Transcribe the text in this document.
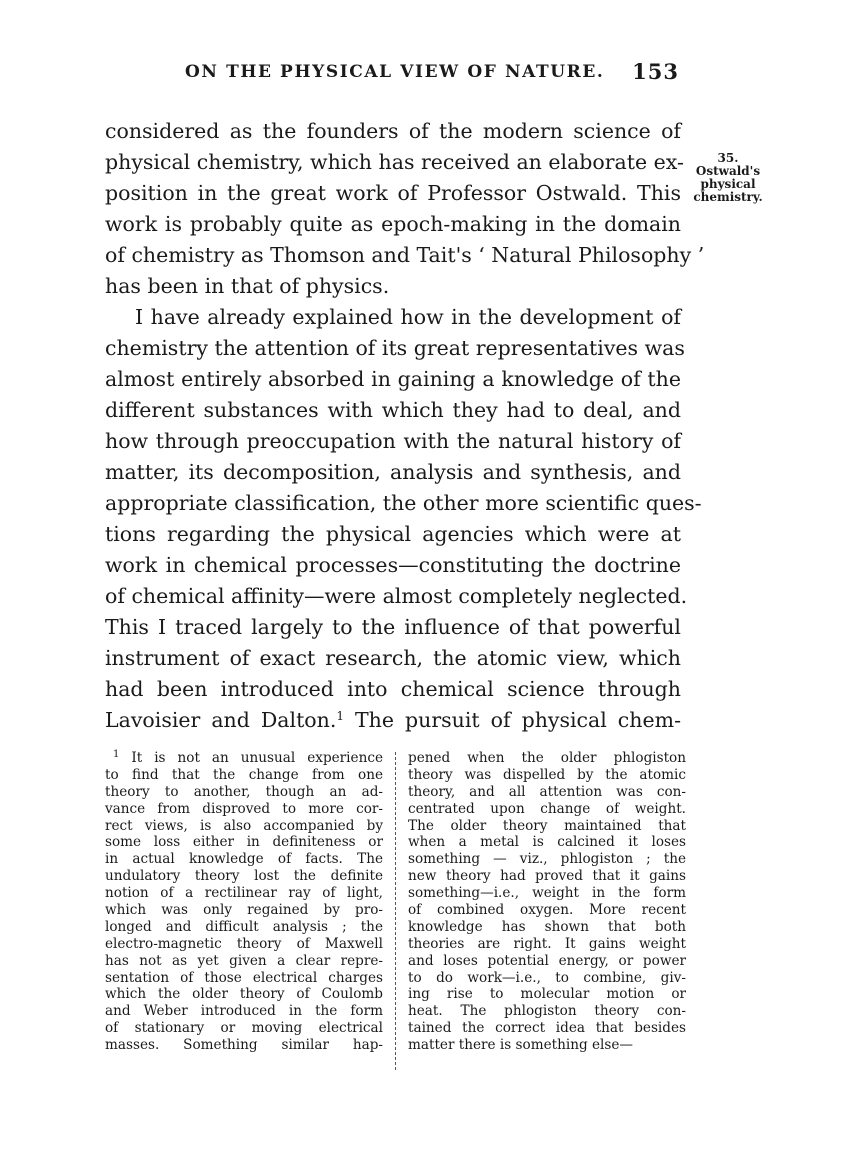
ON THE PHYSICAL VIEW OF NATURE. 153
35.
Ostwald's
physical
chemistry.
considered as the founders of the modern science of
physical chemistry, which has received an elaborate ex-
position in the great work of Professor Ostwald. This
work is probably quite as epoch-making in the domain
of chemistry as Thomson and Tait's ‘ Natural Philosophy ’
has been in that of physics.
I have already explained how in the development of
chemistry the attention of its great representatives was
almost entirely absorbed in gaining a knowledge of the
different substances with which they had to deal, and
how through preoccupation with the natural history of
matter, its decomposition, analysis and synthesis, and
appropriate classification, the other more scientific ques-
tions regarding the physical agencies which were at
work in chemical processes—constituting the doctrine
of chemical affinity—were almost completely neglected.
This I traced largely to the influence of that powerful
instrument of exact research, the atomic view, which
had been introduced into chemical science through
Lavoisier and Dalton.$^1$ The pursuit of physical chem-
$^1$ It is not an unusual experience
to find that the change from one
theory to another, though an ad-
vance from disproved to more cor-
rect views, is also accompanied by
some loss either in definiteness or
in actual knowledge of facts. The
undulatory theory lost the definite
notion of a rectilinear ray of light,
which was only regained by pro-
longed and difficult analysis ; the
electro-magnetic theory of Maxwell
has not as yet given a clear repre-
sentation of those electrical charges
which the older theory of Coulomb
and Weber introduced in the form
of stationary or moving electrical
masses. Something similar hap-
pened when the older phlogiston
theory was dispelled by the atomic
theory, and all attention was con-
centrated upon change of weight.
The older theory maintained that
when a metal is calcined it loses
something — viz., phlogiston ; the
new theory had proved that it gains
something—i.e., weight in the form
of combined oxygen. More recent
knowledge has shown that both
theories are right. It gains weight
and loses potential energy, or power
to do work—i.e., to combine, giv-
ing rise to molecular motion or
heat. The phlogiston theory con-
tained the correct idea that besides
matter there is something else—
